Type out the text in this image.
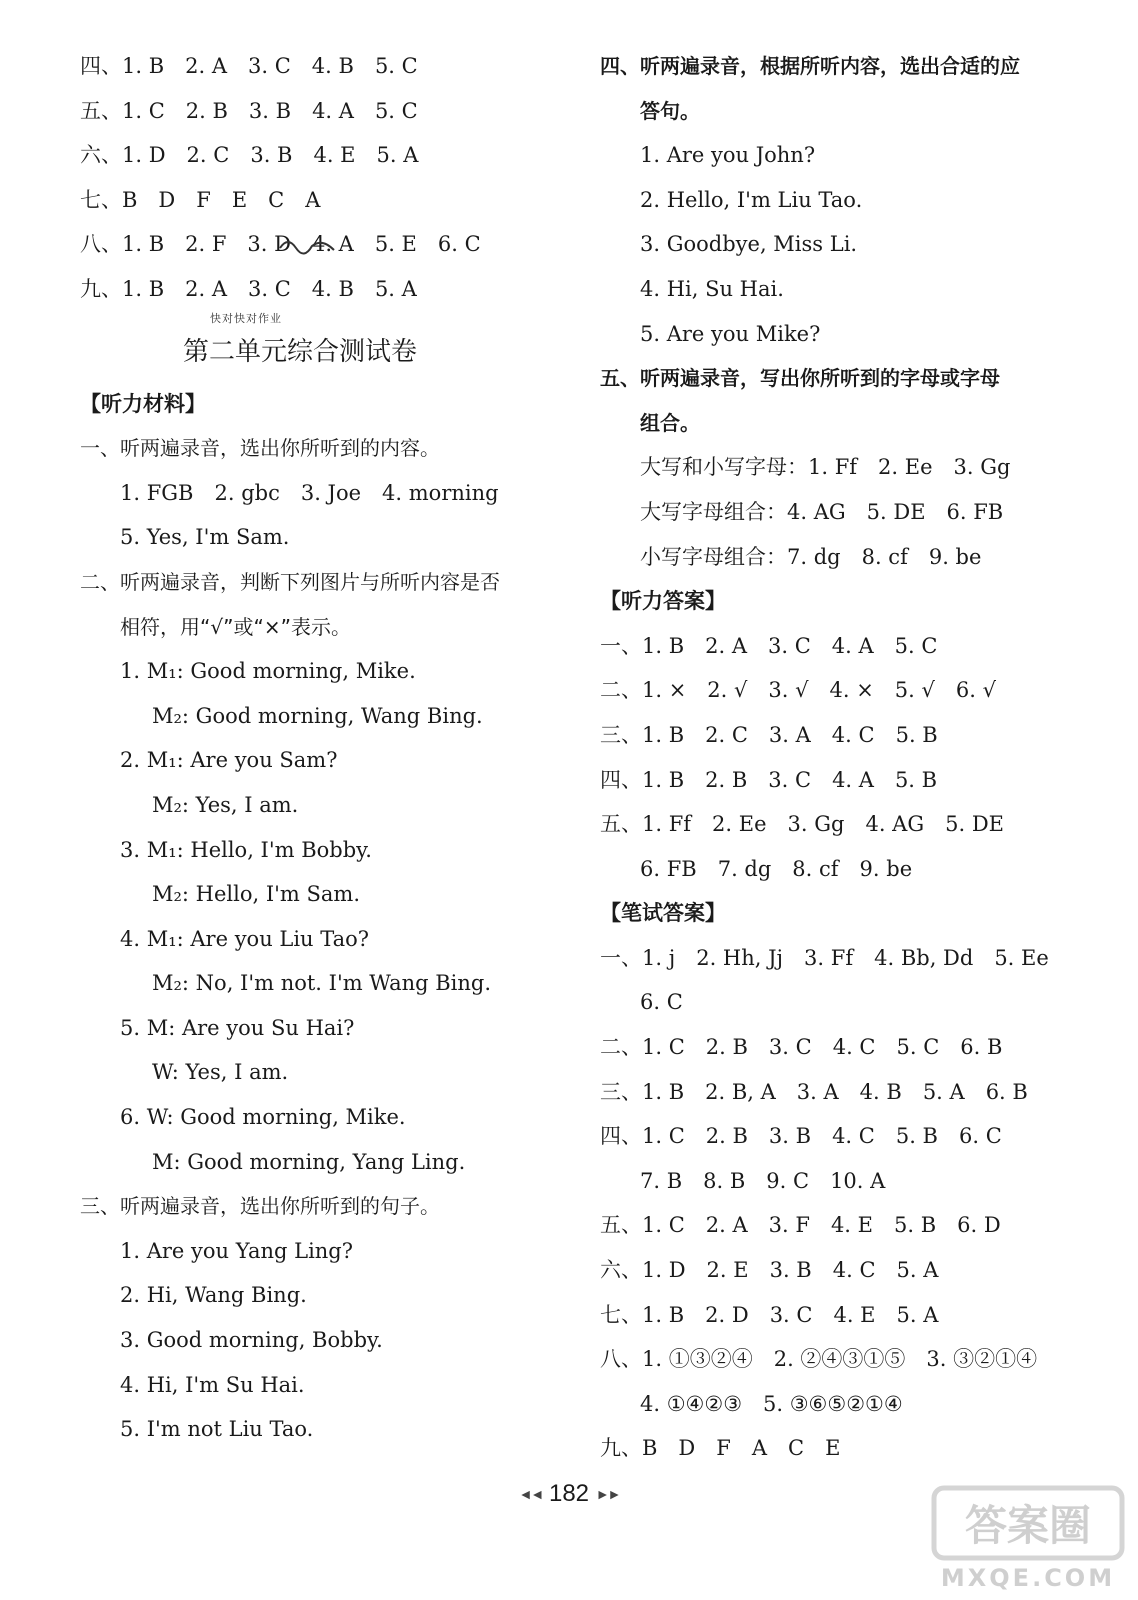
四、1. B　2. A　3. C　4. B　5. C
五、1. C　2. B　3. B　4. A　5. C
六、1. D　2. C　3. B　4. E　5. A
七、B　D　F　E　C　A
八、1. B　2. F　3. D　4. A　5. E　6. C
九、1. B　2. A　3. C　4. B　5. A
快对快对作业
第二单元综合测试卷
【听力材料】
一、听两遍录音，选出你所听到的内容。
1. FGB　2. gbc　3. Joe　4. morning
5. Yes, I'm Sam.
二、听两遍录音，判断下列图片与所听内容是否
相符，用“√”或“×”表示。
1. M₁: Good morning, Mike.
M₂: Good morning, Wang Bing.
2. M₁: Are you Sam?
M₂: Yes, I am.
3. M₁: Hello, I'm Bobby.
M₂: Hello, I'm Sam.
4. M₁: Are you Liu Tao?
M₂: No, I'm not. I'm Wang Bing.
5. M: Are you Su Hai?
W: Yes, I am.
6. W: Good morning, Mike.
M: Good morning, Yang Ling.
三、听两遍录音，选出你所听到的句子。
1. Are you Yang Ling?
2. Hi, Wang Bing.
3. Good morning, Bobby.
4. Hi, I'm Su Hai.
5. I'm not Liu Tao.
四、听两遍录音，根据所听内容，选出合适的应
答句。
1. Are you John?
2. Hello, I'm Liu Tao.
3. Goodbye, Miss Li.
4. Hi, Su Hai.
5. Are you Mike?
五、听两遍录音，写出你所听到的字母或字母
组合。
大写和小写字母：1. Ff　2. Ee　3. Gg
大写字母组合：4. AG　5. DE　6. FB
小写字母组合：7. dg　8. cf　9. be
【听力答案】
一、1. B　2. A　3. C　4. A　5. C
二、1. ×　2. √　3. √　4. ×　5. √　6. √
三、1. B　2. C　3. A　4. C　5. B
四、1. B　2. B　3. C　4. A　5. B
五、1. Ff　2. Ee　3. Gg　4. AG　5. DE
6. FB　7. dg　8. cf　9. be
【笔试答案】
一、1. j　2. Hh, Jj　3. Ff　4. Bb, Dd　5. Ee
6. C
二、1. C　2. B　3. C　4. C　5. C　6. B
三、1. B　2. B, A　3. A　4. B　5. A　6. B
四、1. C　2. B　3. B　4. C　5. B　6. C
7. B　8. B　9. C　10. A
五、1. C　2. A　3. F　4. E　5. B　6. D
六、1. D　2. E　3. B　4. C　5. A
七、1. B　2. D　3. C　4. E　5. A
八、1. ①③②④　2. ②④③①⑤　3. ③②①④
4. ①④②③　5. ③⑥⑤②①④
九、B　D　F　A　C　E
◄◄ 182 ►►
答案圈
MXQE.COM
